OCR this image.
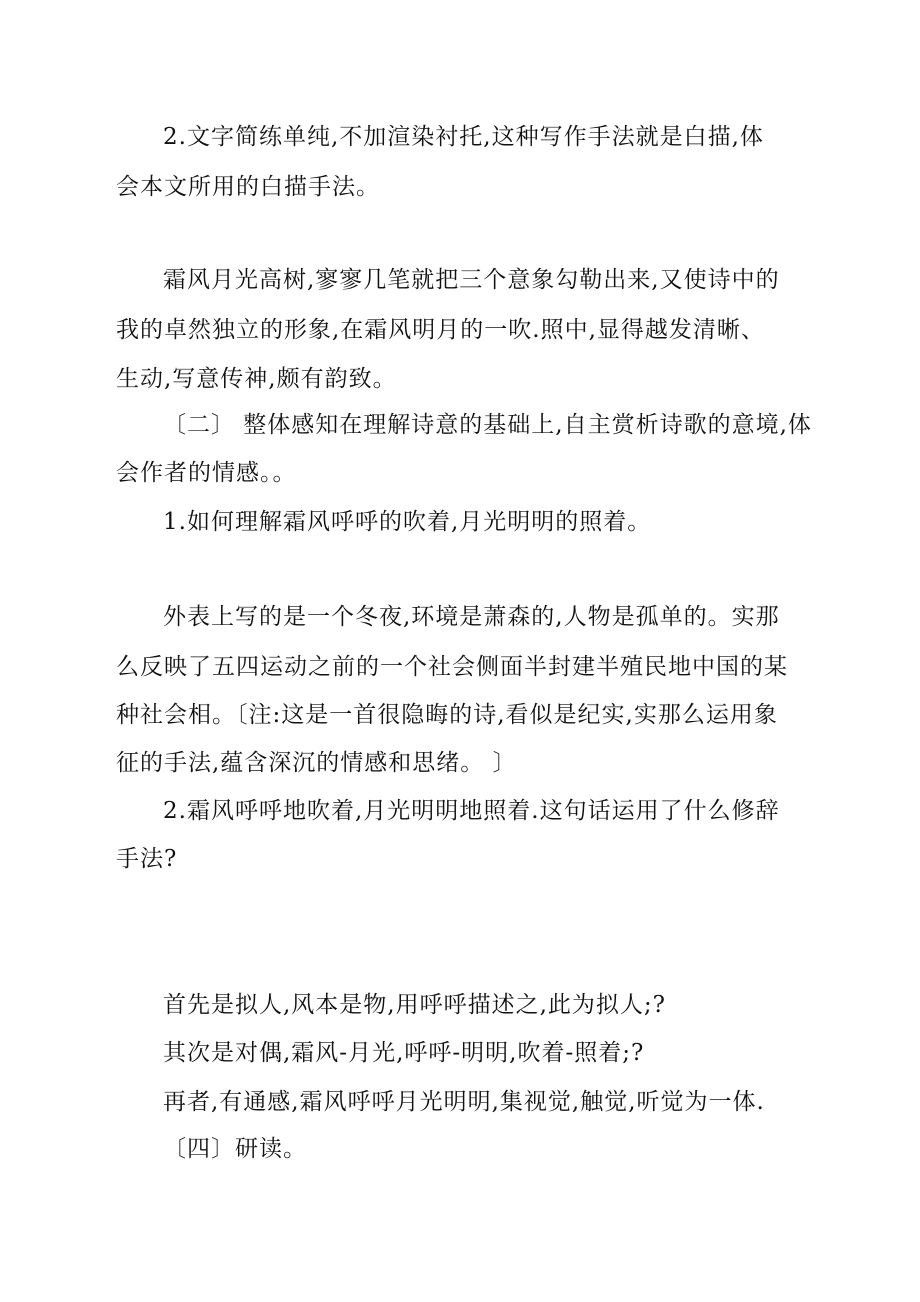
2.文字简练单纯,不加渲染衬托,这种写作手法就是白描,体
会本文所用的白描手法。
霜风月光高树,寥寥几笔就把三个意象勾勒出来,又使诗中的
我的卓然独立的形象,在霜风明月的一吹.照中,显得越发清晰、
生动,写意传神,颇有韵致。
〔二〕 整体感知在理解诗意的基础上,自主赏析诗歌的意境,体
会作者的情感。。
1.如何理解霜风呼呼的吹着,月光明明的照着。
外表上写的是一个冬夜,环境是萧森的,人物是孤单的。实那
么反映了五四运动之前的一个社会侧面半封建半殖民地中国的某
种社会相。〔注:这是一首很隐晦的诗,看似是纪实,实那么运用象
征的手法,蕴含深沉的情感和思绪。 〕
2.霜风呼呼地吹着,月光明明地照着.这句话运用了什么修辞
手法?
首先是拟人,风本是物,用呼呼描述之,此为拟人;?
其次是对偶,霜风-月光,呼呼-明明,吹着-照着;?
再者,有通感,霜风呼呼月光明明,集视觉,触觉,听觉为一体.
〔四〕研读。
